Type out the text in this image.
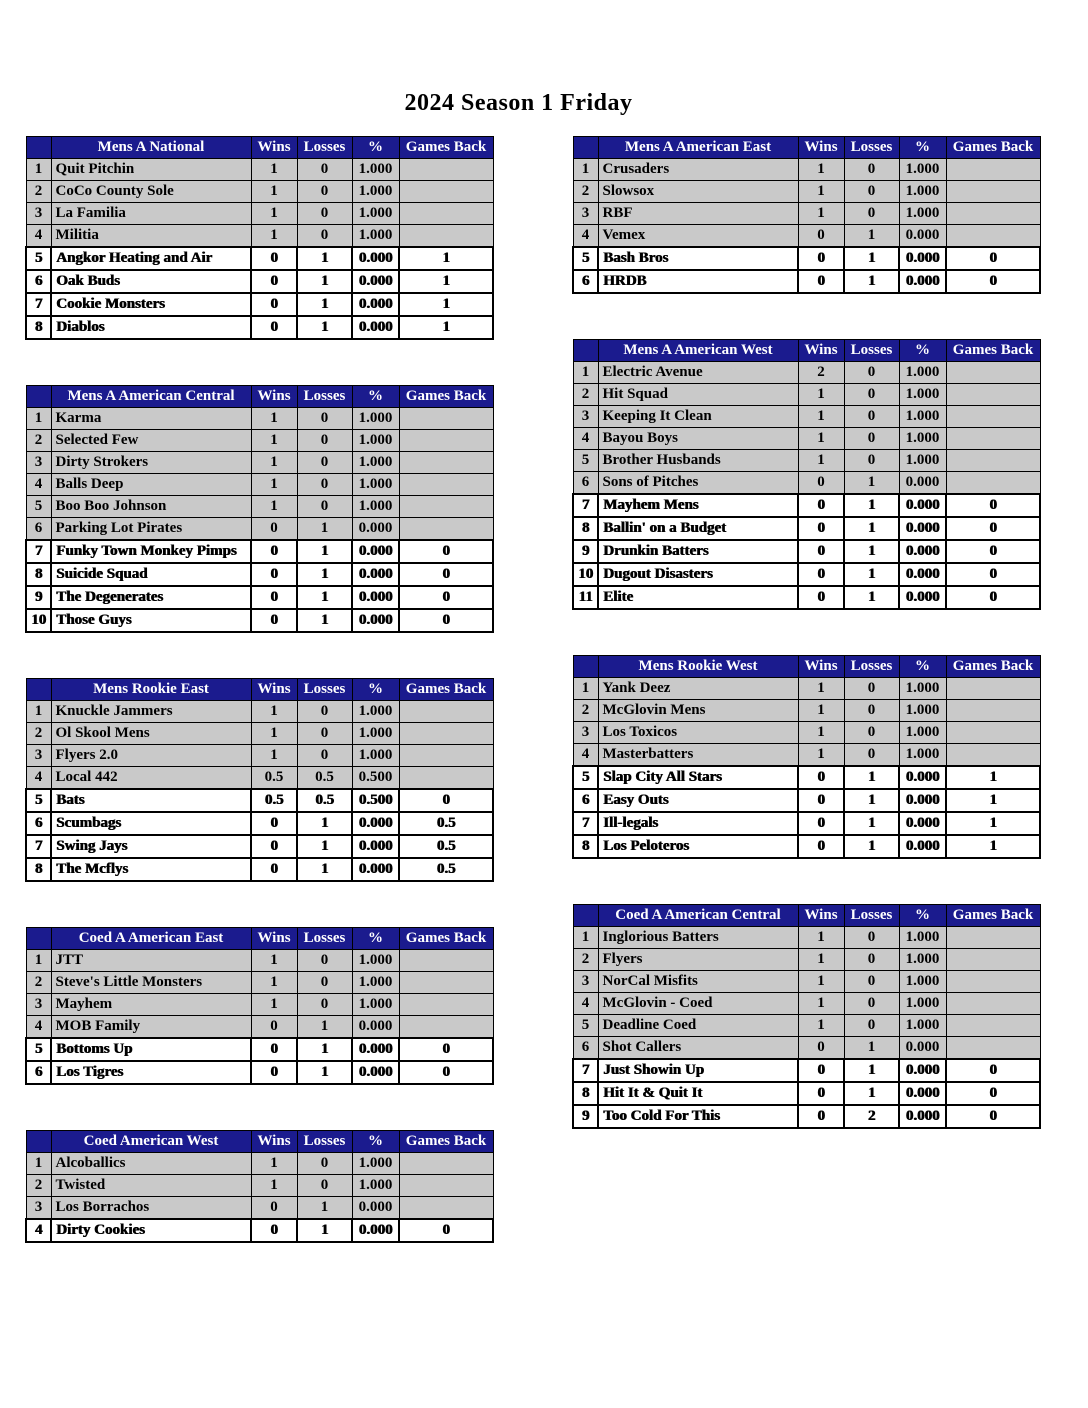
2024 Season 1 Friday
	Mens A National	Wins	Losses	%	Games Back
1	Quit Pitchin	1	0	1.000	
2	CoCo County Sole	1	0	1.000	
3	La Familia	1	0	1.000	
4	Militia	1	0	1.000	
5	Angkor Heating and Air	0	1	0.000	1
6	Oak Buds	0	1	0.000	1
7	Cookie Monsters	0	1	0.000	1
8	Diablos	0	1	0.000	1
	Mens A American Central	Wins	Losses	%	Games Back
1	Karma	1	0	1.000	
2	Selected Few	1	0	1.000	
3	Dirty Strokers	1	0	1.000	
4	Balls Deep	1	0	1.000	
5	Boo Boo Johnson	1	0	1.000	
6	Parking Lot Pirates	0	1	0.000	
7	Funky Town Monkey Pimps	0	1	0.000	0
8	Suicide Squad	0	1	0.000	0
9	The Degenerates	0	1	0.000	0
10	Those Guys	0	1	0.000	0
	Mens Rookie East	Wins	Losses	%	Games Back
1	Knuckle Jammers	1	0	1.000	
2	Ol Skool Mens	1	0	1.000	
3	Flyers 2.0	1	0	1.000	
4	Local 442	0.5	0.5	0.500	
5	Bats	0.5	0.5	0.500	0
6	Scumbags	0	1	0.000	0.5
7	Swing Jays	0	1	0.000	0.5
8	The Mcflys	0	1	0.000	0.5
	Coed A American East	Wins	Losses	%	Games Back
1	JTT	1	0	1.000	
2	Steve's Little Monsters	1	0	1.000	
3	Mayhem	1	0	1.000	
4	MOB Family	0	1	0.000	
5	Bottoms Up	0	1	0.000	0
6	Los Tigres	0	1	0.000	0
	Coed American West	Wins	Losses	%	Games Back
1	Alcoballics	1	0	1.000	
2	Twisted	1	0	1.000	
3	Los Borrachos	0	1	0.000	
4	Dirty Cookies	0	1	0.000	0
	Mens A American East	Wins	Losses	%	Games Back
1	Crusaders	1	0	1.000	
2	Slowsox	1	0	1.000	
3	RBF	1	0	1.000	
4	Vemex	0	1	0.000	
5	Bash Bros	0	1	0.000	0
6	HRDB	0	1	0.000	0
	Mens A American West	Wins	Losses	%	Games Back
1	Electric Avenue	2	0	1.000	
2	Hit Squad	1	0	1.000	
3	Keeping It Clean	1	0	1.000	
4	Bayou Boys	1	0	1.000	
5	Brother Husbands	1	0	1.000	
6	Sons of Pitches	0	1	0.000	
7	Mayhem Mens	0	1	0.000	0
8	Ballin' on a Budget	0	1	0.000	0
9	Drunkin Batters	0	1	0.000	0
10	Dugout Disasters	0	1	0.000	0
11	Elite	0	1	0.000	0
	Mens Rookie West	Wins	Losses	%	Games Back
1	Yank Deez	1	0	1.000	
2	McGlovin Mens	1	0	1.000	
3	Los Toxicos	1	0	1.000	
4	Masterbatters	1	0	1.000	
5	Slap City All Stars	0	1	0.000	1
6	Easy Outs	0	1	0.000	1
7	Ill-legals	0	1	0.000	1
8	Los Peloteros	0	1	0.000	1
	Coed A American Central	Wins	Losses	%	Games Back
1	Inglorious Batters	1	0	1.000	
2	Flyers	1	0	1.000	
3	NorCal Misfits	1	0	1.000	
4	McGlovin - Coed	1	0	1.000	
5	Deadline Coed	1	0	1.000	
6	Shot Callers	0	1	0.000	
7	Just Showin Up	0	1	0.000	0
8	Hit It & Quit It	0	1	0.000	0
9	Too Cold For This	0	2	0.000	0
